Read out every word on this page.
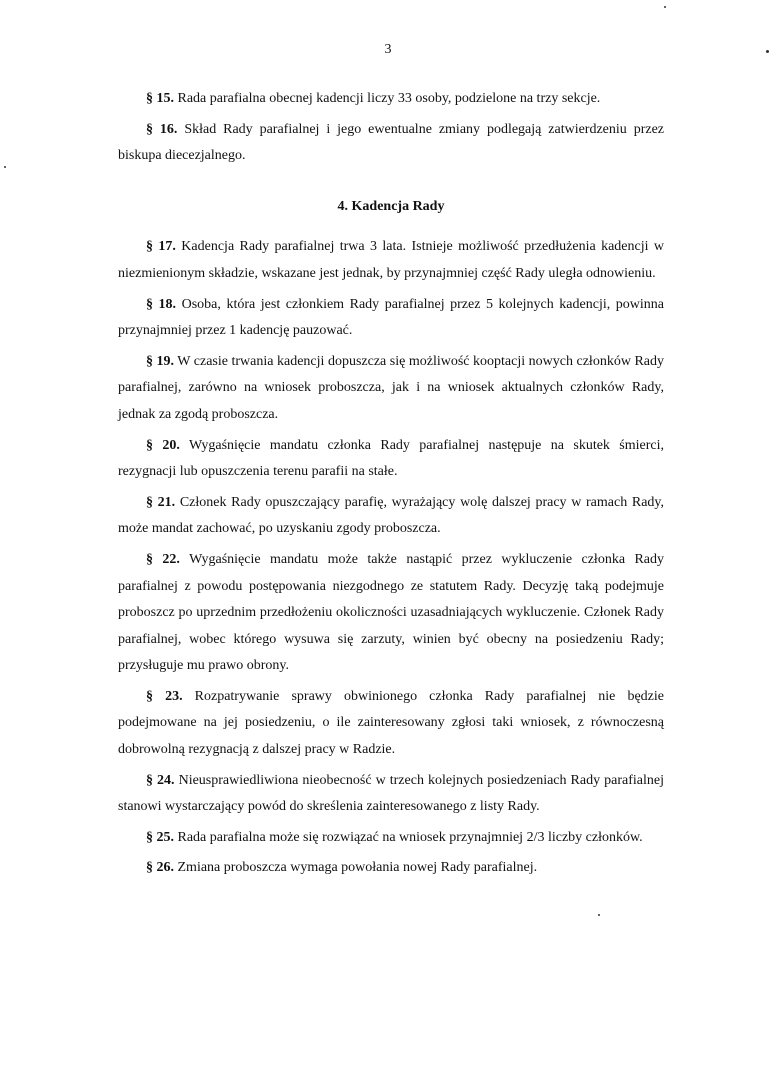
3

§ 15. Rada parafialna obecnej kadencji liczy 33 osoby, podzielone na trzy sekcje.

§ 16. Skład Rady parafialnej i jego ewentualne zmiany podlegają zatwierdzeniu przez biskupa diecezjalnego.

4. Kadencja Rady

§ 17. Kadencja Rady parafialnej trwa 3 lata. Istnieje możliwość przedłużenia kadencji w niezmienionym składzie, wskazane jest jednak, by przynajmniej część Rady uległa odnowieniu.

§ 18. Osoba, która jest członkiem Rady parafialnej przez 5 kolejnych kadencji, powinna przynajmniej przez 1 kadencję pauzować.

§ 19. W czasie trwania kadencji dopuszcza się możliwość kooptacji nowych członków Rady parafialnej, zarówno na wniosek proboszcza, jak i na wniosek aktualnych członków Rady, jednak za zgodą proboszcza.

§ 20. Wygaśnięcie mandatu członka Rady parafialnej następuje na skutek śmierci, rezygnacji lub opuszczenia terenu parafii na stałe.

§ 21. Członek Rady opuszczający parafię, wyrażający wolę dalszej pracy w ramach Rady, może mandat zachować, po uzyskaniu zgody proboszcza.

§ 22. Wygaśnięcie mandatu może także nastąpić przez wykluczenie członka Rady parafialnej z powodu postępowania niezgodnego ze statutem Rady. Decyzję taką podejmuje proboszcz po uprzednim przedłożeniu okoliczności uzasadniających wykluczenie. Członek Rady parafialnej, wobec którego wysuwa się zarzuty, winien być obecny na posiedzeniu Rady; przysługuje mu prawo obrony.

§ 23. Rozpatrywanie sprawy obwinionego członka Rady parafialnej nie będzie podejmowane na jej posiedzeniu, o ile zainteresowany zgłosi taki wniosek, z równoczesną dobrowolną rezygnacją z dalszej pracy w Radzie.

§ 24. Nieusprawiedliwiona nieobecność w trzech kolejnych posiedzeniach Rady parafialnej stanowi wystarczający powód do skreślenia zainteresowanego z listy Rady.

§ 25. Rada parafialna może się rozwiązać na wniosek przynajmniej 2/3 liczby członków.

§ 26. Zmiana proboszcza wymaga powołania nowej Rady parafialnej.
